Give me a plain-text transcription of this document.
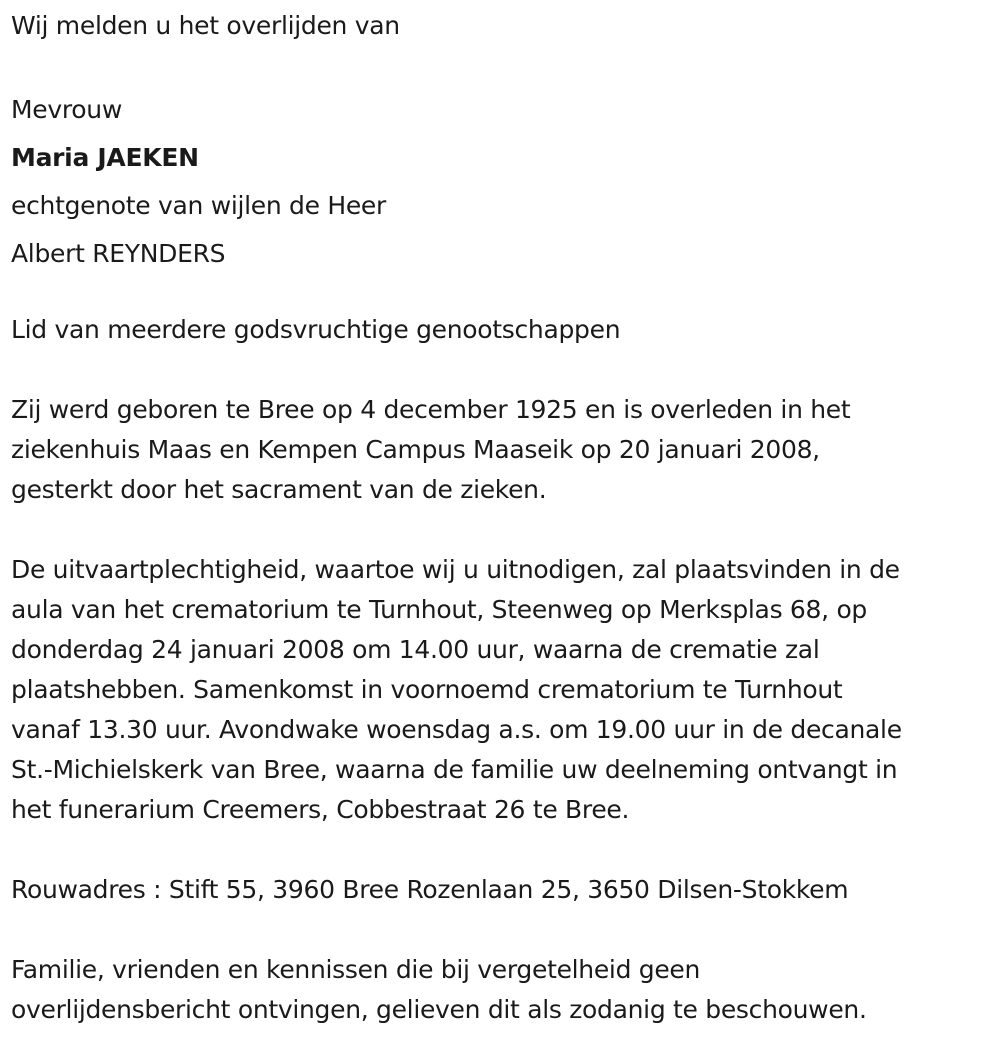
Wij melden u het overlijden van
Mevrouw
Maria JAEKEN
echtgenote van wijlen de Heer
Albert REYNDERS
Lid van meerdere godsvruchtige genootschappen
Zij werd geboren te Bree op 4 december 1925 en is overleden in het
ziekenhuis Maas en Kempen Campus Maaseik op 20 januari 2008,
gesterkt door het sacrament van de zieken.
De uitvaartplechtigheid, waartoe wij u uitnodigen, zal plaatsvinden in de
aula van het crematorium te Turnhout, Steenweg op Merksplas 68, op
donderdag 24 januari 2008 om 14.00 uur, waarna de crematie zal
plaatshebben. Samenkomst in voornoemd crematorium te Turnhout
vanaf 13.30 uur. Avondwake woensdag a.s. om 19.00 uur in de decanale
St.-Michielskerk van Bree, waarna de familie uw deelneming ontvangt in
het funerarium Creemers, Cobbestraat 26 te Bree.
Rouwadres : Stift 55, 3960 Bree Rozenlaan 25, 3650 Dilsen-Stokkem
Familie, vrienden en kennissen die bij vergetelheid geen
overlijdensbericht ontvingen, gelieven dit als zodanig te beschouwen.
